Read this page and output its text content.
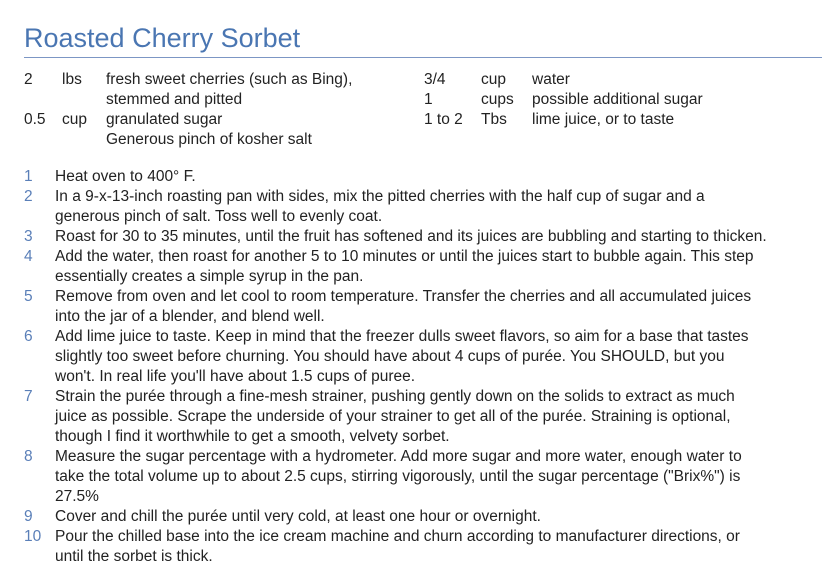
Roasted Cherry Sorbet
2 lbs fresh sweet cherries (such as Bing),
stemmed and pitted
0.5 cup granulated sugar
Generous pinch of kosher salt
3/4 cup water
1	cups possible additional sugar
1 to 2 Tbs lime juice, or to taste
1	Heat oven to 400° F.
2	In a 9-x-13-inch roasting pan with sides, mix the pitted cherries with the half cup of sugar and a
generous pinch of salt. Toss well to evenly coat.
3	Roast for 30 to 35 minutes, until the fruit has softened and its juices are bubbling and starting to thicken.
4	Add the water, then roast for another 5 to 10 minutes or until the juices start to bubble again. This step
essentially creates a simple syrup in the pan.
5	Remove from oven and let cool to room temperature. Transfer the cherries and all accumulated juices
into the jar of a blender, and blend well.
6	Add lime juice to taste. Keep in mind that the freezer dulls sweet flavors, so aim for a base that tastes
slightly too sweet before churning. You should have about 4 cups of purée. You SHOULD, but you
won't. In real life you'll have about 1.5 cups of puree.
7	Strain the purée through a fine-mesh strainer, pushing gently down on the solids to extract as much
juice as possible. Scrape the underside of your strainer to get all of the purée. Straining is optional,
though I find it worthwhile to get a smooth, velvety sorbet.
8	Measure the sugar percentage with a hydrometer. Add more sugar and more water, enough water to
take the total volume up to about 2.5 cups, stirring vigorously, until the sugar percentage ("Brix%") is
27.5%
9	Cover and chill the purée until very cold, at least one hour or overnight.
10 Pour the chilled base into the ice cream machine and churn according to manufacturer directions, or
until the sorbet is thick.
